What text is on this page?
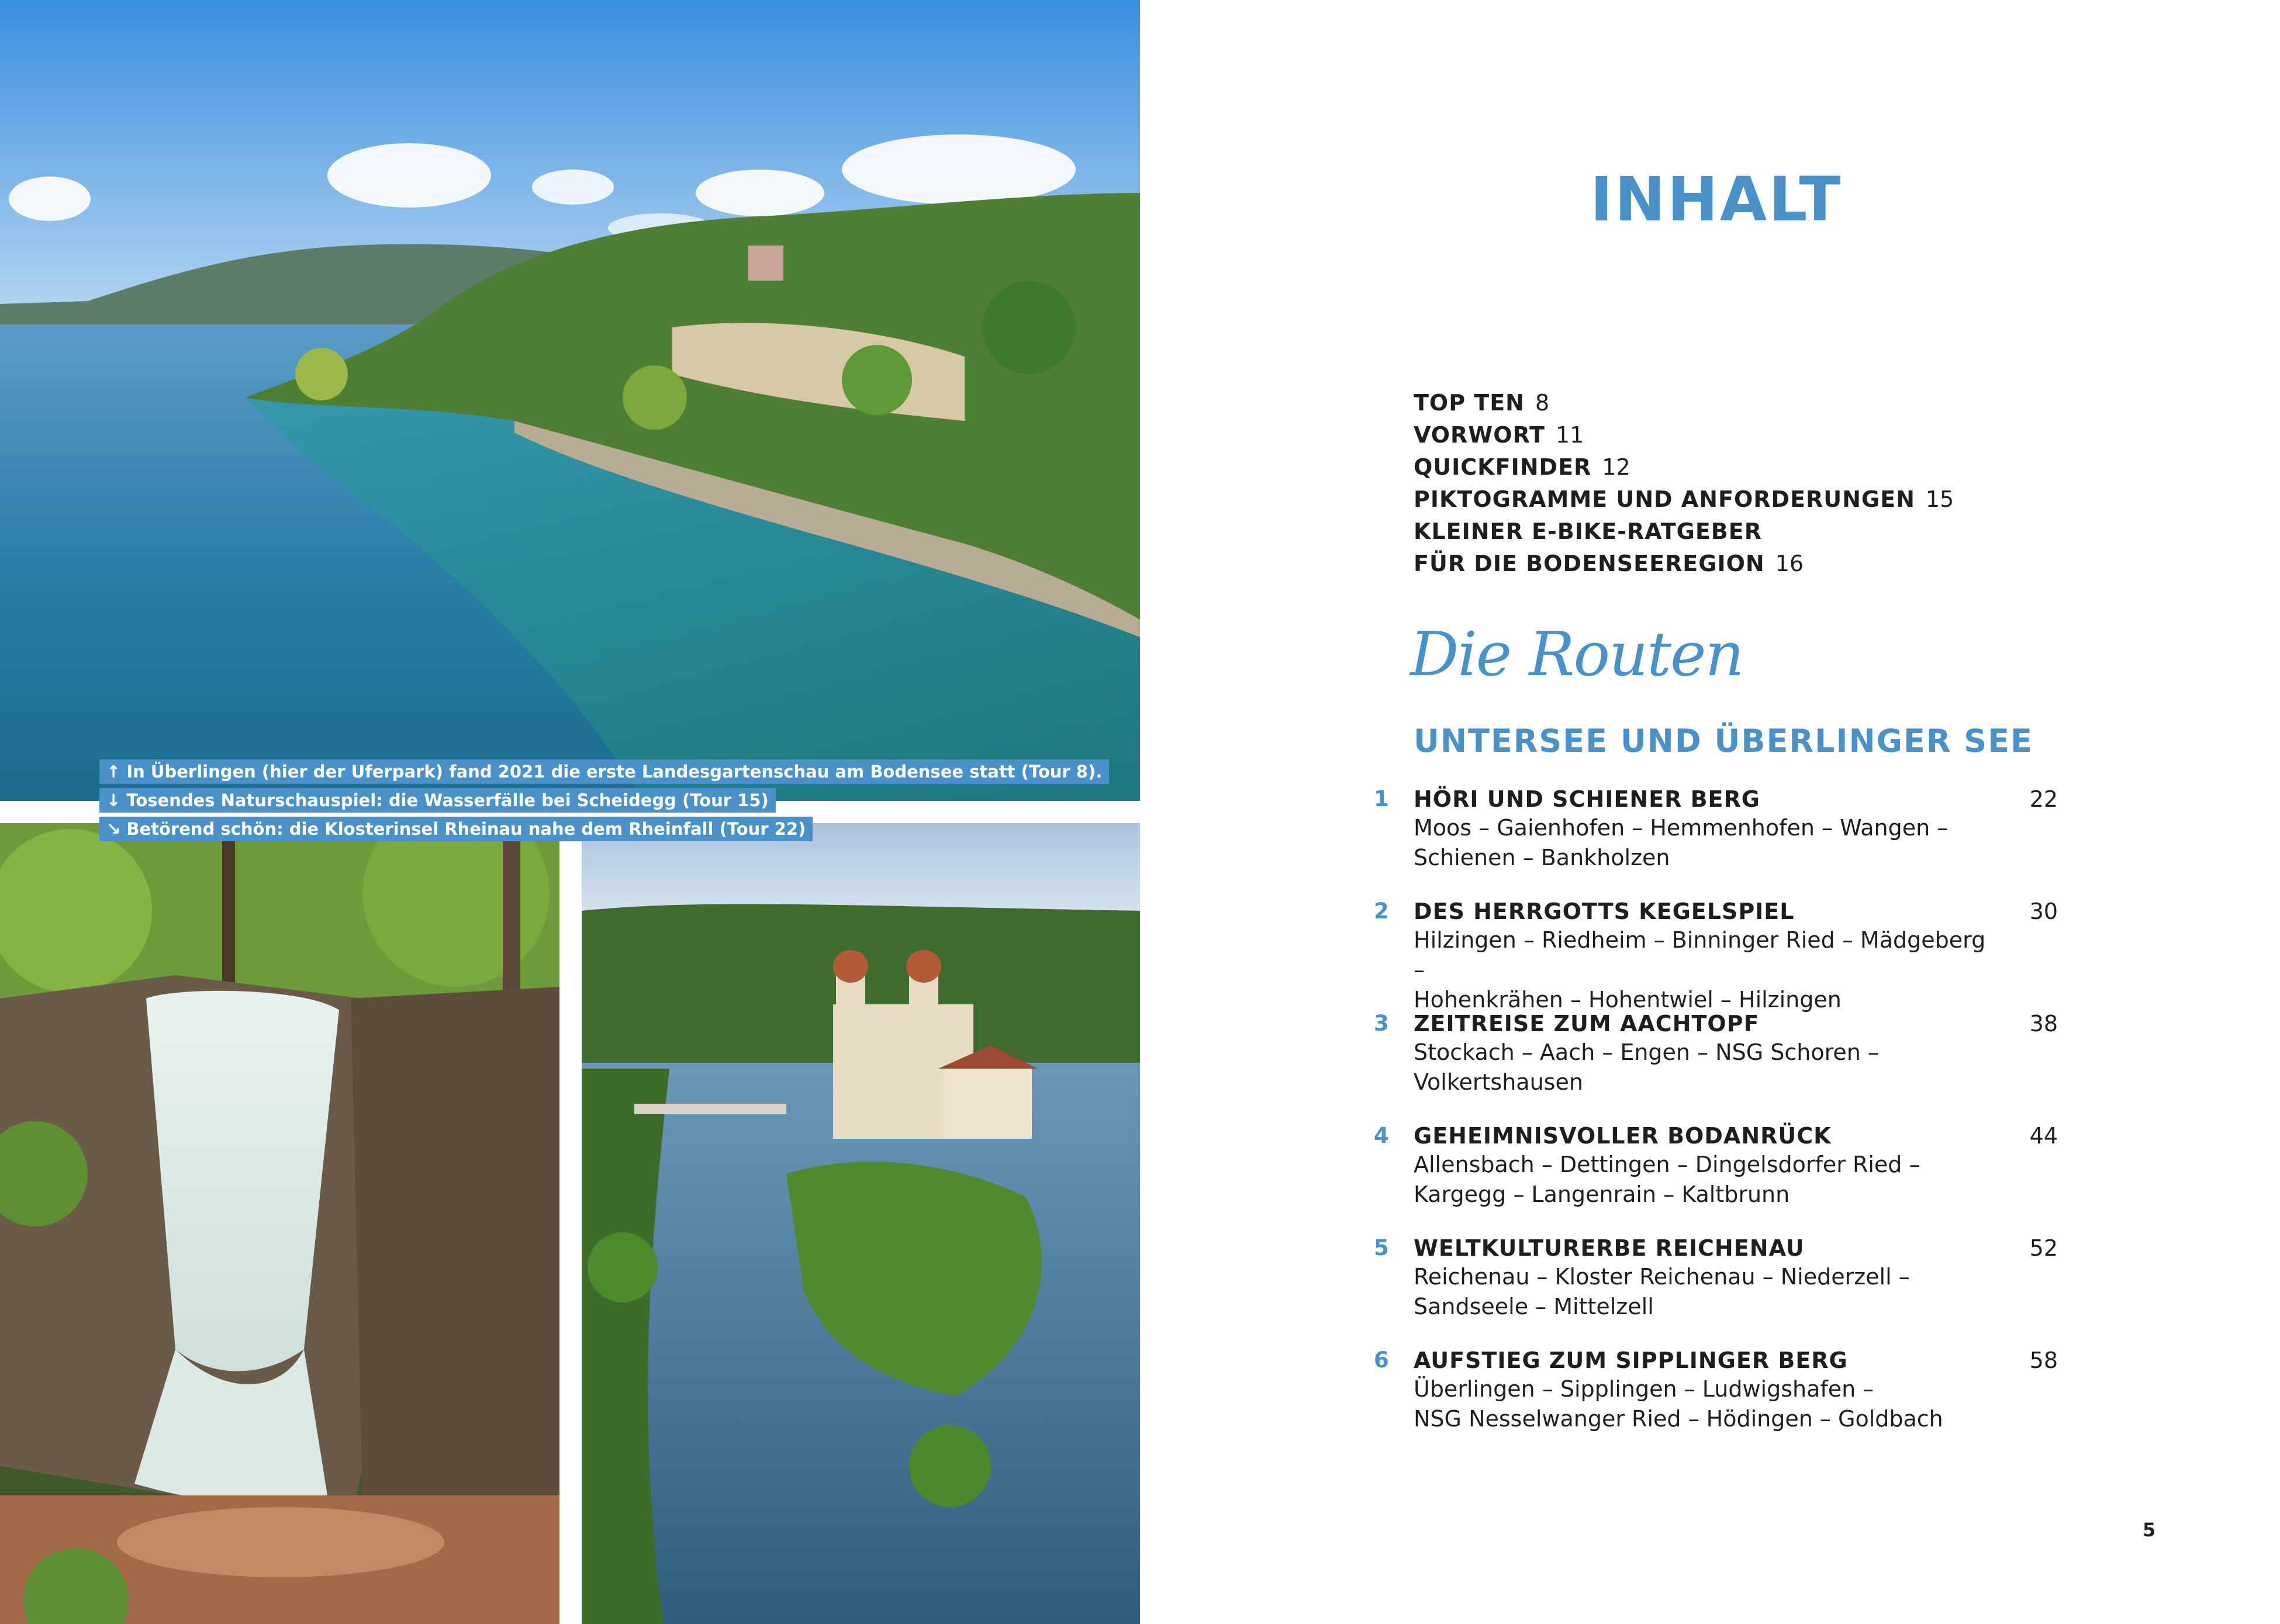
↑ In Überlingen (hier der Uferpark) fand 2021 die erste Landesgartenschau am Bodensee statt (Tour 8).
↓ Tosendes Naturschauspiel: die Wasserfälle bei Scheidegg (Tour 15)
↘ Betörend schön: die Klosterinsel Rheinau nahe dem Rheinfall (Tour 22)
INHALT
TOP TEN 8
VORWORT 11
QUICKFINDER 12
PIKTOGRAMME UND ANFORDERUNGEN 15
KLEINER E-BIKE-RATGEBER
FÜR DIE BODENSEEREGION 16
Die Routen
UNTERSEE UND ÜBERLINGER SEE
1	HÖRI UND SCHIENER BERG	22
Moos – Gaienhofen – Hemmenhofen – Wangen –
Schienen – Bankholzen
2	DES HERRGOTTS KEGELSPIEL	30
Hilzingen – Riedheim – Binninger Ried – Mädgeberg –
Hohenkrähen – Hohentwiel – Hilzingen
3	ZEITREISE ZUM AACHTOPF	38
Stockach – Aach – Engen – NSG Schoren –
Volkertshausen
4	GEHEIMNISVOLLER BODANRÜCK	44
Allensbach – Dettingen – Dingelsdorfer Ried –
Kargegg – Langenrain – Kaltbrunn
5	WELTKULTURERBE REICHENAU	52
Reichenau – Kloster Reichenau – Niederzell –
Sandseele – Mittelzell
6	AUFSTIEG ZUM SIPPLINGER BERG	58
Überlingen – Sipplingen – Ludwigshafen –
NSG Nesselwanger Ried – Hödingen – Goldbach
5
